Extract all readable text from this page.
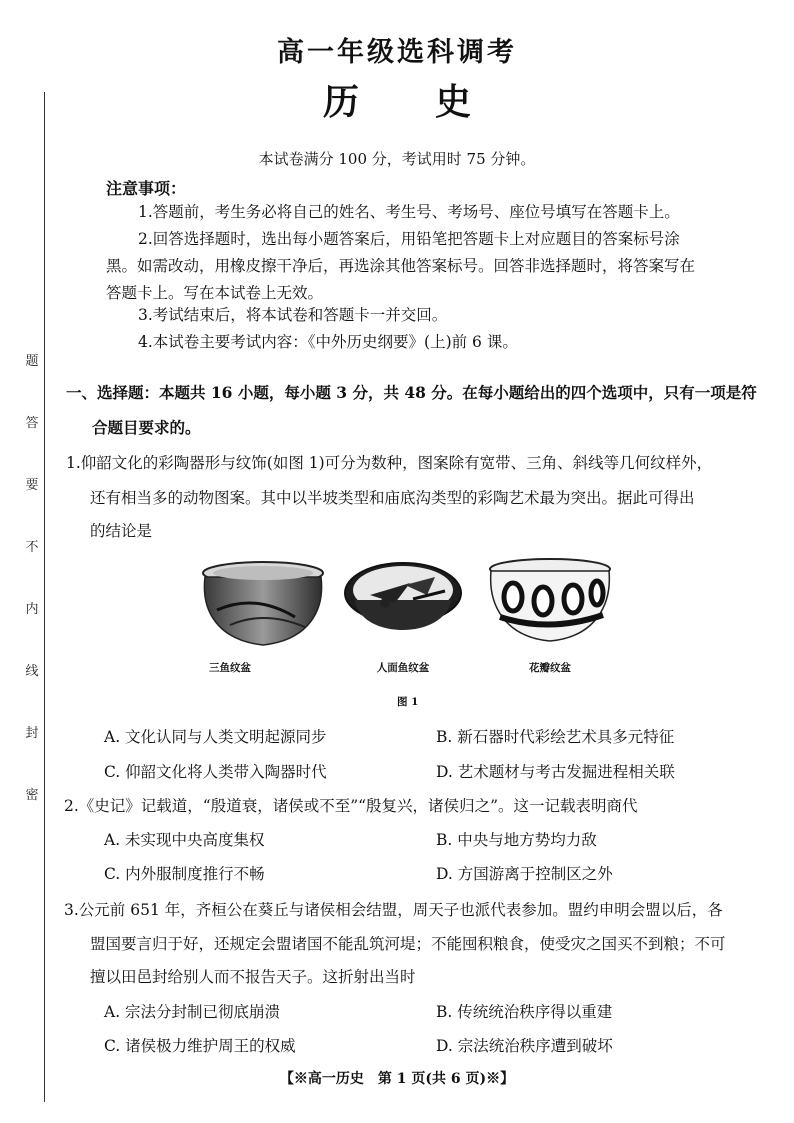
题
答
要
不
内
线
封
密
高一年级选科调考
历 史
本试卷满分 100 分，考试用时 75 分钟。
注意事项：
1.答题前，考生务必将自己的姓名、考生号、考场号、座位号填写在答题卡上。
2.回答选择题时，选出每小题答案后，用铅笔把答题卡上对应题目的答案标号涂
黑。如需改动，用橡皮擦干净后，再选涂其他答案标号。回答非选择题时，将答案写在
答题卡上。写在本试卷上无效。
3.考试结束后，将本试卷和答题卡一并交回。
4.本试卷主要考试内容：《中外历史纲要》(上)前 6 课。
一、选择题：本题共 16 小题，每小题 3 分，共 48 分。在每小题给出的四个选项中，只有一项是符
合题目要求的。
1.仰韶文化的彩陶器形与纹饰(如图 1)可分为数种，图案除有宽带、三角、斜线等几何纹样外，
还有相当多的动物图案。其中以半坡类型和庙底沟类型的彩陶艺术最为突出。据此可得出
的结论是
三鱼纹盆	人面鱼纹盆	花瓣纹盆
图 1
A. 文化认同与人类文明起源同步	B. 新石器时代彩绘艺术具多元特征
C. 仰韶文化将人类带入陶器时代	D. 艺术题材与考古发掘进程相关联
2.《史记》记载道，“殷道衰，诸侯或不至”“殷复兴，诸侯归之”。这一记载表明商代
A. 未实现中央高度集权	B. 中央与地方势均力敌
C. 内外服制度推行不畅	D. 方国游离于控制区之外
3.公元前 651 年，齐桓公在葵丘与诸侯相会结盟，周天子也派代表参加。盟约申明会盟以后，各
盟国要言归于好，还规定会盟诸国不能乱筑河堤；不能囤积粮食，使受灾之国买不到粮；不可
擅以田邑封给别人而不报告天子。这折射出当时
A. 宗法分封制已彻底崩溃	B. 传统统治秩序得以重建
C. 诸侯极力维护周王的权威	D. 宗法统治秩序遭到破坏
【※高一历史　第 1 页(共 6 页)※】
